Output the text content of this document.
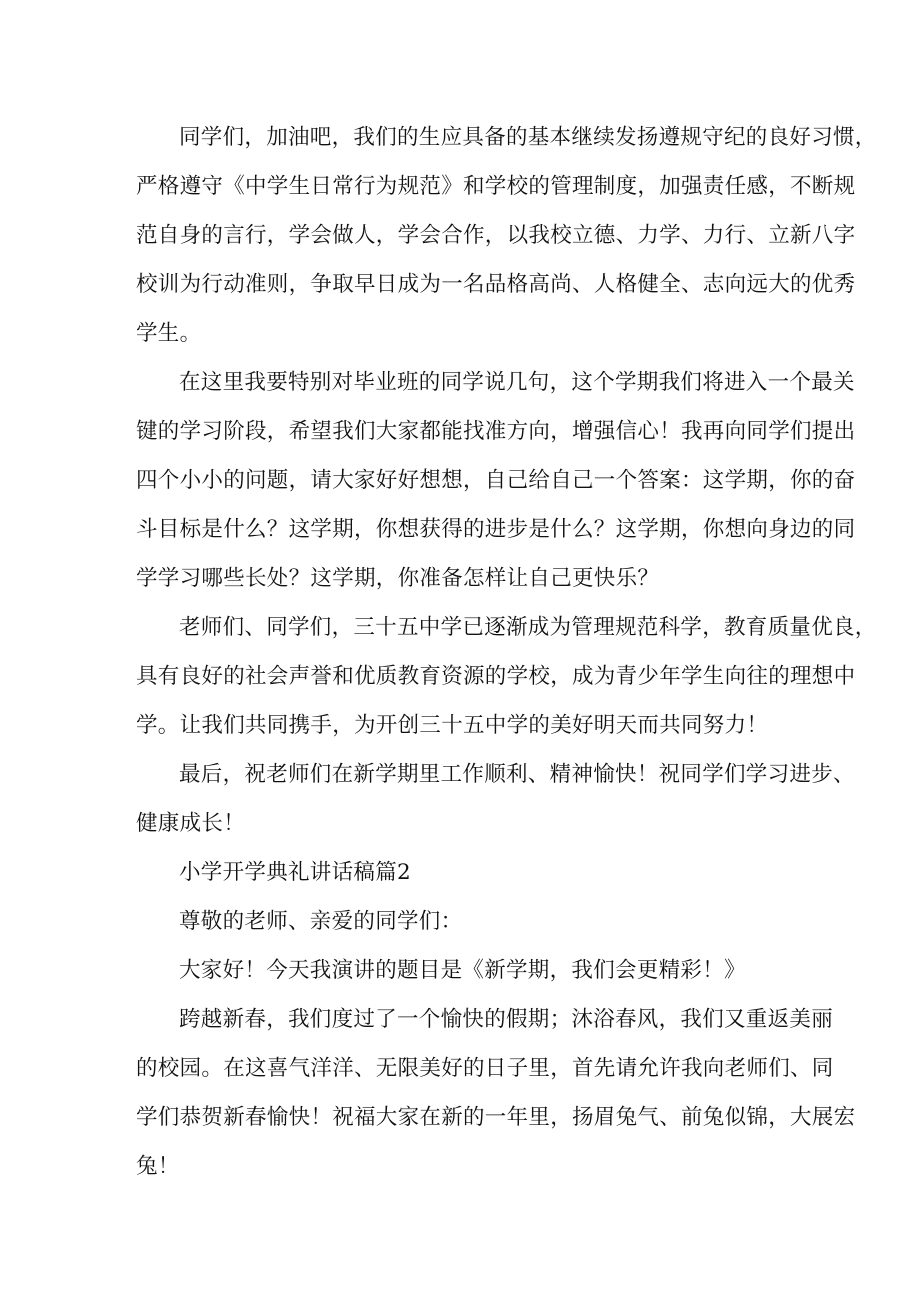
同学们，加油吧，我们的生应具备的基本继续发扬遵规守纪的良好习惯，
严格遵守《中学生日常行为规范》和学校的管理制度，加强责任感，不断规
范自身的言行，学会做人，学会合作，以我校立德、力学、力行、立新八字
校训为行动准则，争取早日成为一名品格高尚、人格健全、志向远大的优秀
学生。

在这里我要特别对毕业班的同学说几句，这个学期我们将进入一个最关
键的学习阶段，希望我们大家都能找准方向，增强信心！我再向同学们提出
四个小小的问题，请大家好好想想，自己给自己一个答案：这学期，你的奋
斗目标是什么？这学期，你想获得的进步是什么？这学期，你想向身边的同
学学习哪些长处？这学期，你准备怎样让自己更快乐？

老师们、同学们，三十五中学已逐渐成为管理规范科学，教育质量优良，
具有良好的社会声誉和优质教育资源的学校，成为青少年学生向往的理想中
学。让我们共同携手，为开创三十五中学的美好明天而共同努力！

最后，祝老师们在新学期里工作顺利、精神愉快！祝同学们学习进步、
健康成长！

小学开学典礼讲话稿篇2

尊敬的老师、亲爱的同学们：

大家好！今天我演讲的题目是《新学期，我们会更精彩！》

跨越新春，我们度过了一个愉快的假期；沐浴春风，我们又重返美丽
的校园。在这喜气洋洋、无限美好的日子里，首先请允许我向老师们、同
学们恭贺新春愉快！祝福大家在新的一年里，扬眉兔气、前兔似锦，大展宏
兔！
